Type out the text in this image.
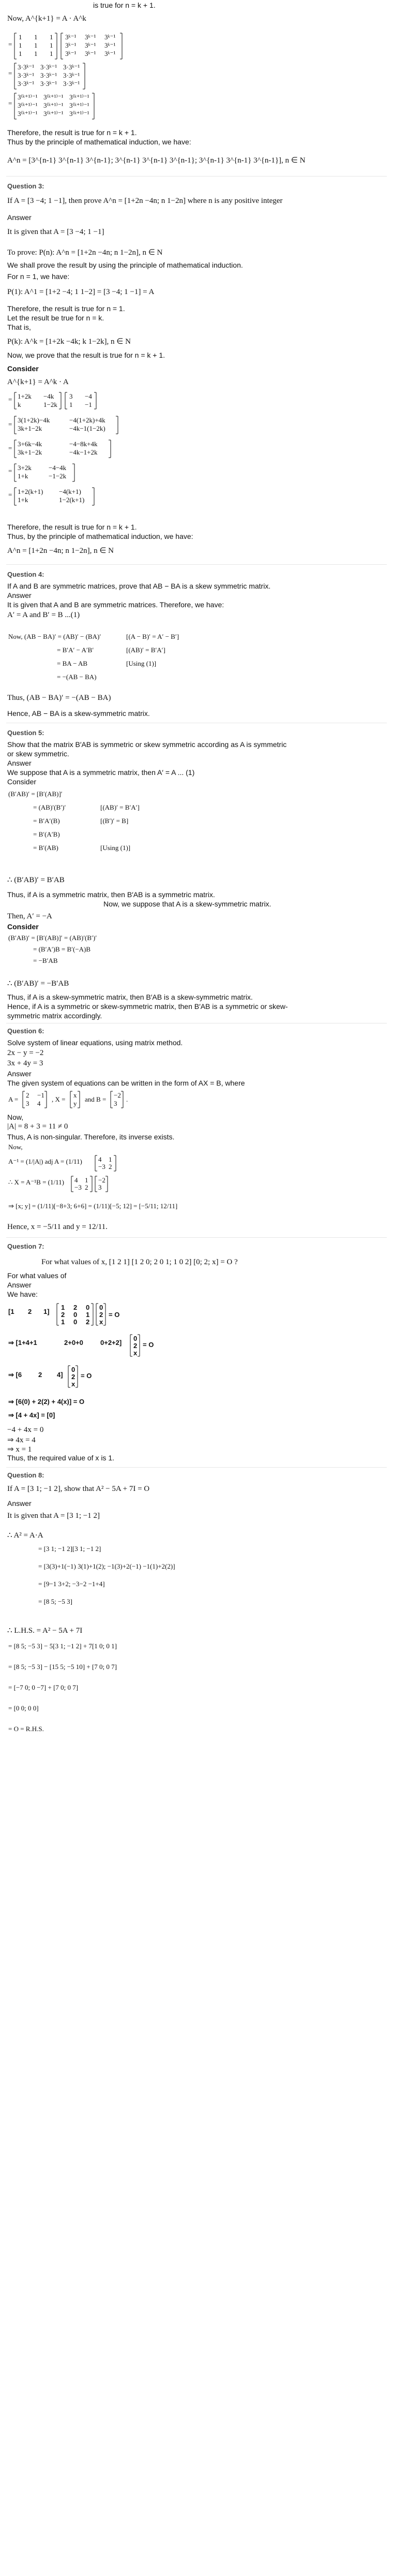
is true for n = k + 1.
Now, A^{k+1} = A · A^k
=
1 1 1
1 1 1
1 1 1
3ᵏ⁻¹ 3ᵏ⁻¹ 3ᵏ⁻¹
3ᵏ⁻¹ 3ᵏ⁻¹ 3ᵏ⁻¹
3ᵏ⁻¹ 3ᵏ⁻¹ 3ᵏ⁻¹
=
3·3ᵏ⁻¹ 3·3ᵏ⁻¹ 3·3ᵏ⁻¹
3·3ᵏ⁻¹ 3·3ᵏ⁻¹ 3·3ᵏ⁻¹
3·3ᵏ⁻¹ 3·3ᵏ⁻¹ 3·3ᵏ⁻¹
=
3⁽ᵏ⁺¹⁾⁻¹ 3⁽ᵏ⁺¹⁾⁻¹ 3⁽ᵏ⁺¹⁾⁻¹
3⁽ᵏ⁺¹⁾⁻¹ 3⁽ᵏ⁺¹⁾⁻¹ 3⁽ᵏ⁺¹⁾⁻¹
3⁽ᵏ⁺¹⁾⁻¹ 3⁽ᵏ⁺¹⁾⁻¹ 3⁽ᵏ⁺¹⁾⁻¹
Therefore, the result is true for n = k + 1.
Thus by the principle of mathematical induction, we have:
A^n = [3^{n-1} 3^{n-1} 3^{n-1}; 3^{n-1} 3^{n-1} 3^{n-1}; 3^{n-1} 3^{n-1} 3^{n-1}], n ∈ N
Question 3:
If A = [3 −4; 1 −1], then prove A^n = [1+2n −4n; n 1−2n] where n is any positive integer
Answer
It is given that A = [3 −4; 1 −1]
To prove: P(n): A^n = [1+2n −4n; n 1−2n], n ∈ N
We shall prove the result by using the principle of mathematical induction.
For n = 1, we have:
P(1): A^1 = [1+2 −4; 1 1−2] = [3 −4; 1 −1] = A
Therefore, the result is true for n = 1.
Let the result be true for n = k.
That is,
P(k): A^k = [1+2k −4k; k 1−2k], n ∈ N
Now, we prove that the result is true for n = k + 1.
Consider
A^{k+1} = A^k · A
= 1+2k −4k
k	1−2k
3 −4
1 −1
=
3(1+2k)−4k	−4(1+2k)+4k
3k+1−2k	−4k−1(1−2k)
=
3+6k−4k	−4−8k+4k
3k+1−2k	−4k−1+2k
= 3+2k	−4−4k
1+k	−1−2k
= 1+2(k+1) −4(k+1)
1+k	1−2(k+1)
Therefore, the result is true for n = k + 1.
Thus, by the principle of mathematical induction, we have:
A^n = [1+2n −4n; n 1−2n], n ∈ N
Question 4:
If A and B are symmetric matrices, prove that AB − BA is a skew symmetric matrix.
Answer
It is given that A and B are symmetric matrices. Therefore, we have:
A′ = A and B′ = B ...(1)
Now, (AB − BA)′ = (AB)′ − (BA)′	[(A − B)′ = A′ − B′]
= B′A′ − A′B′	[(AB)′ = B′A′]
= BA − AB	[Using (1)]
= −(AB − BA)
Thus, (AB − BA)′ = −(AB − BA)
Hence, AB − BA is a skew-symmetric matrix.
Question 5:
Show that the matrix B′AB is symmetric or skew symmetric according as A is symmetric
or skew symmetric.
Answer
We suppose that A is a symmetric matrix, then A′ = A ... (1)
Consider
(B′AB)′ = [B′(AB)]′
= (AB)′(B′)′	[(AB)′ = B′A′]
= B′A′(B)	[(B′)′ = B]
= B′(A′B)
= B′(AB)	[Using (1)]
∴ (B′AB)′ = B′AB
Thus, if A is a symmetric matrix, then B′AB is a symmetric matrix.
Now, we suppose that A is a skew-symmetric matrix.
Then, A′ = −A
Consider
(B′AB)′ = [B′(AB)]′ = (AB)′(B′)′
= (B′A′)B = B′(−A)B
= −B′AB
∴ (B′AB)′ = −B′AB
Thus, if A is a skew-symmetric matrix, then B′AB is a skew-symmetric matrix.
Hence, if A is a symmetric or skew-symmetric matrix, then B′AB is a symmetric or skew-
symmetric matrix accordingly.
Question 6:
Solve system of linear equations, using matrix method.
2x − y = −2
3x + 4y = 3
Answer
The given system of equations can be written in the form of AX = B, where
A =
2 −1
3 4
, X =
x
y
and B =
−2
3
.
Now,
|A| = 8 + 3 = 11 ≠ 0
Thus, A is non-singular. Therefore, its inverse exists.
Now,
A⁻¹ = (1/|A|) adj A = (1/11) 4 1
−3 2
∴ X = A⁻¹B = (1/11) 4 1
−3 2
−2
3
⇒ [x; y] = (1/11)[−8+3; 6+6] = (1/11)[−5; 12] = [−5/11; 12/11]
Hence, x = −5/11 and y = 12/11.
Question 7:
For what values of x, [1 2 1] [1 2 0; 2 0 1; 1 0 2] [0; 2; x] = O ?
For what values of
Answer
We have:
[1 2 1]
1 2 0
2 0 1
1 0 2
0
2
x
= O
⇒ [1+4+1	2+0+0	0+2+2]
0
2
x
= O
⇒ [6 2 4]
0
2
x
= O
⇒ [6(0) + 2(2) + 4(x)] = O
⇒ [4 + 4x] = [0]
−4 + 4x = 0
⇒ 4x = 4
⇒ x = 1
Thus, the required value of x is 1.
Question 8:
If A = [3 1; −1 2], show that A² − 5A + 7I = O
Answer
It is given that A = [3 1; −1 2]
∴ A² = A·A
= [3 1; −1 2][3 1; −1 2]
= [3(3)+1(−1) 3(1)+1(2); −1(3)+2(−1) −1(1)+2(2)]
= [9−1 3+2; −3−2 −1+4]
= [8 5; −5 3]
∴ L.H.S. = A² − 5A + 7I
= [8 5; −5 3] − 5[3 1; −1 2] + 7[1 0; 0 1]
= [8 5; −5 3] − [15 5; −5 10] + [7 0; 0 7]
= [−7 0; 0 −7] + [7 0; 0 7]
= [0 0; 0 0]
= O = R.H.S.
